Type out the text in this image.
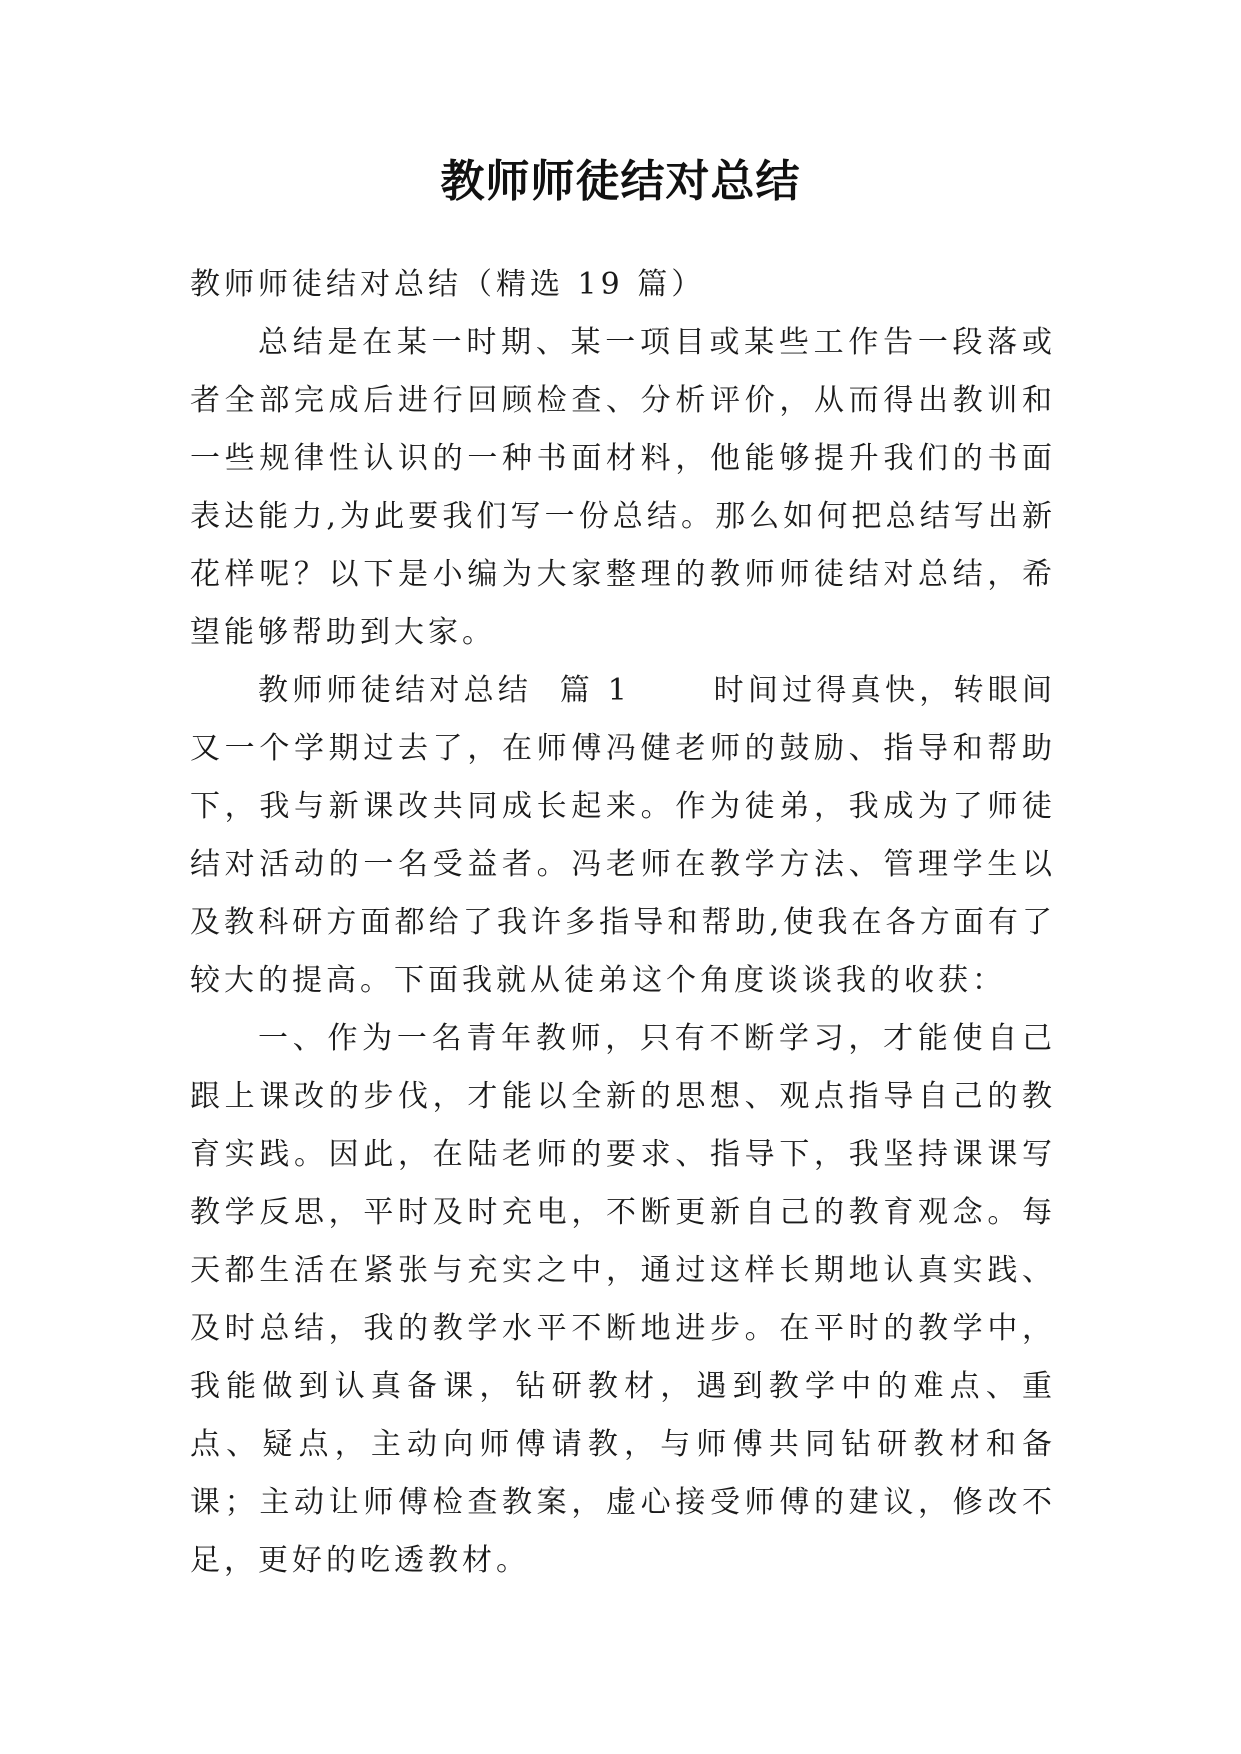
教师师徒结对总结

教师师徒结对总结（精选 19 篇）

总结是在某一时期、某一项目或某些工作告一段落或者全部完成后进行回顾检查、分析评价，从而得出教训和一些规律性认识的一种书面材料，他能够提升我们的书面表达能力,为此要我们写一份总结。那么如何把总结写出新花样呢？以下是小编为大家整理的教师师徒结对总结，希望能够帮助到大家。

教师师徒结对总结  篇 1      时间过得真快，转眼间又一个学期过去了，在师傅冯健老师的鼓励、指导和帮助下，我与新课改共同成长起来。作为徒弟，我成为了师徒结对活动的一名受益者。冯老师在教学方法、管理学生以及教科研方面都给了我许多指导和帮助,使我在各方面有了较大的提高。下面我就从徒弟这个角度谈谈我的收获：

一、作为一名青年教师，只有不断学习，才能使自己跟上课改的步伐，才能以全新的思想、观点指导自己的教育实践。因此，在陆老师的要求、指导下，我坚持课课写教学反思，平时及时充电，不断更新自己的教育观念。每天都生活在紧张与充实之中，通过这样长期地认真实践、及时总结，我的教学水平不断地进步。在平时的教学中，我能做到认真备课，钻研教材，遇到教学中的难点、重点、疑点，主动向师傅请教，与师傅共同钻研教材和备课；主动让师傅检查教案，虚心接受师傅的建议，修改不足，更好的吃透教材。
